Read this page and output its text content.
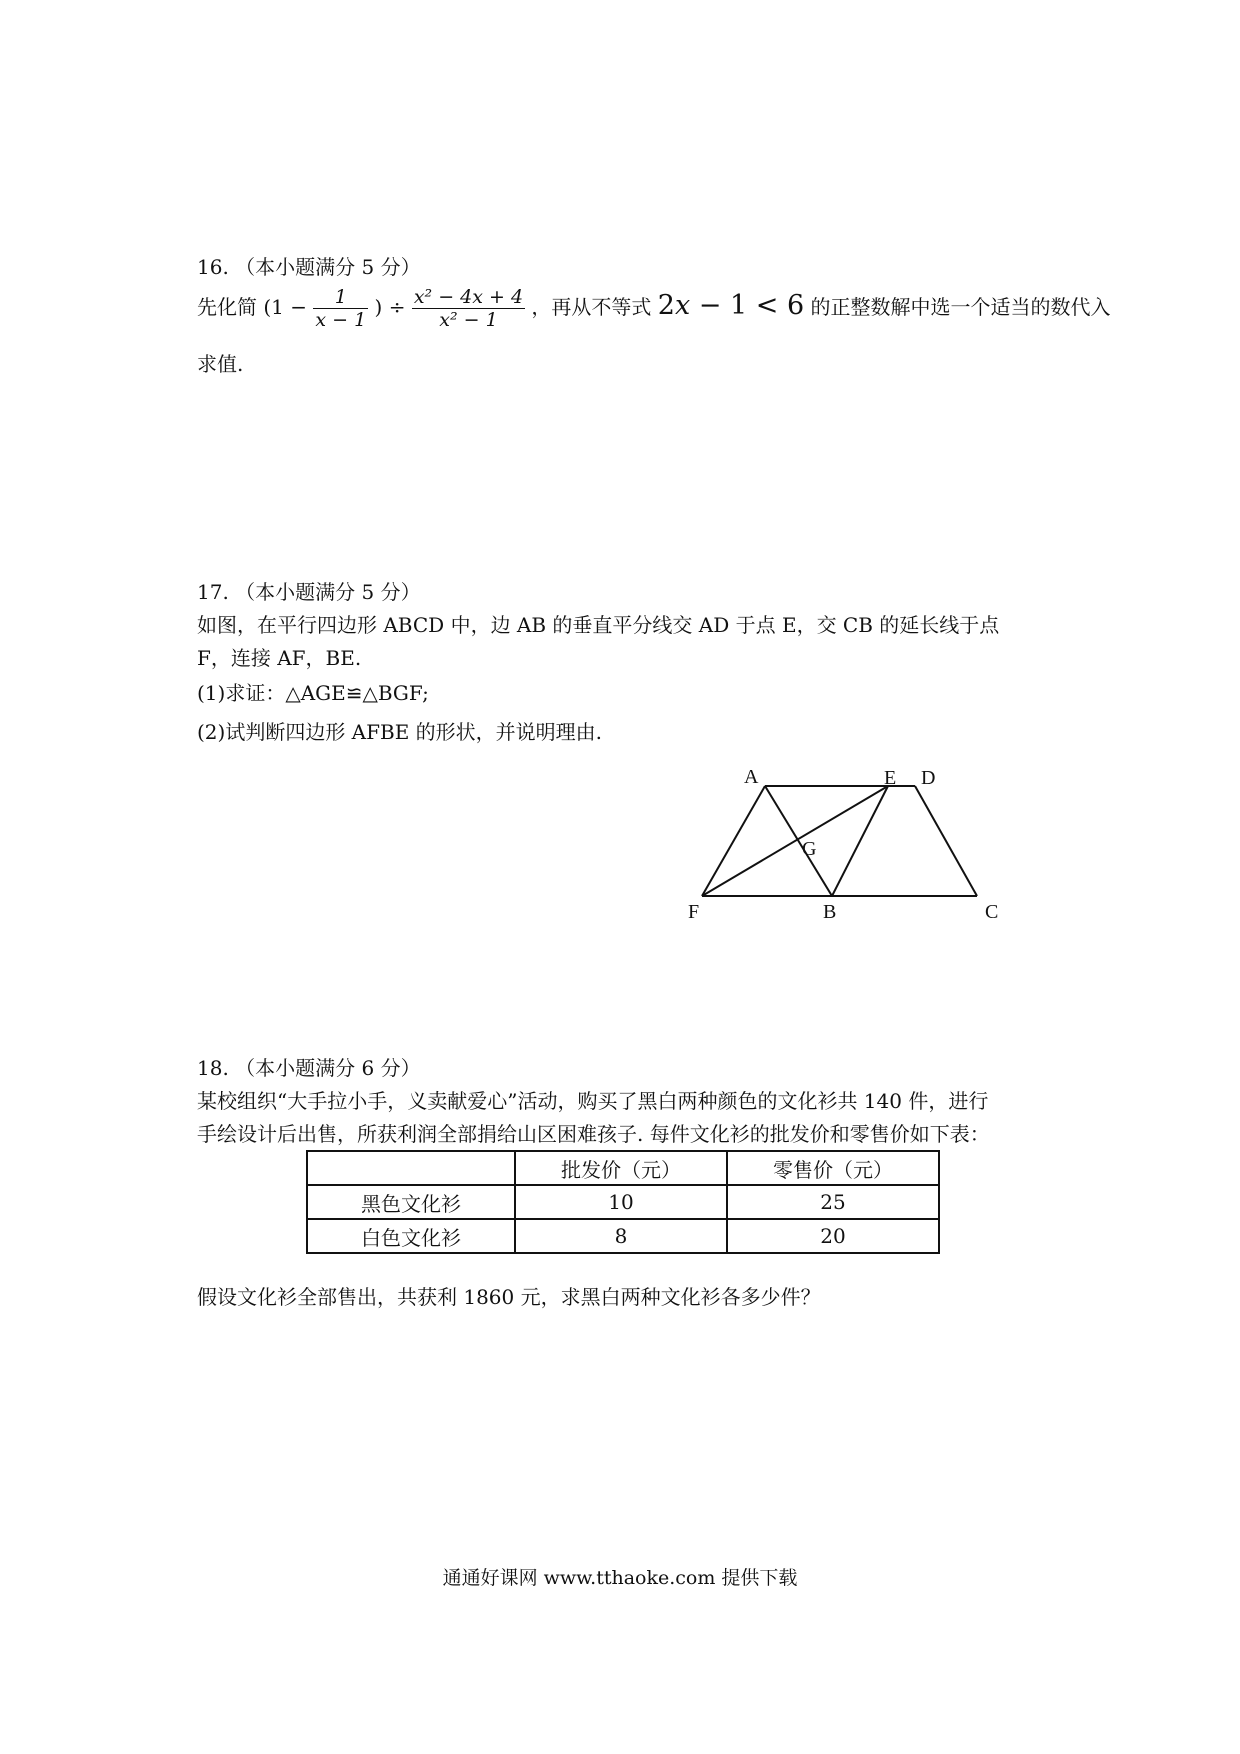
16. （本小题满分 5 分）
先化简 ($1 - \frac{1}{x - 1}$ ) ÷ $\frac{\text{x² − 4x + 4}}{\text{x² − 1}}$ ，再从不等式 2x − 1 < 6 的正整数解中选一个适当的数代入
求值.
17. （本小题满分 5 分）
如图，在平行四边形 ABCD 中，边 AB 的垂直平分线交 AD 于点 E，交 CB 的延长线于点
F，连接 AF，BE.
(1)求证：△AGE≌△BGF;
(2)试判断四边形 AFBE 的形状，并说明理由.
A	E D
G
F	B	C
18. （本小题满分 6 分）
某校组织“大手拉小手，义卖献爱心”活动，购买了黑白两种颜色的文化衫共 140 件，进行
手绘设计后出售，所获利润全部捐给山区困难孩子. 每件文化衫的批发价和零售价如下表：
	批发价（元）	零售价（元）
黑色文化衫	10	25
白色文化衫	8	20
假设文化衫全部售出，共获利 1860 元，求黑白两种文化衫各多少件？
通通好课网 www.tthaoke.com 提供下载
